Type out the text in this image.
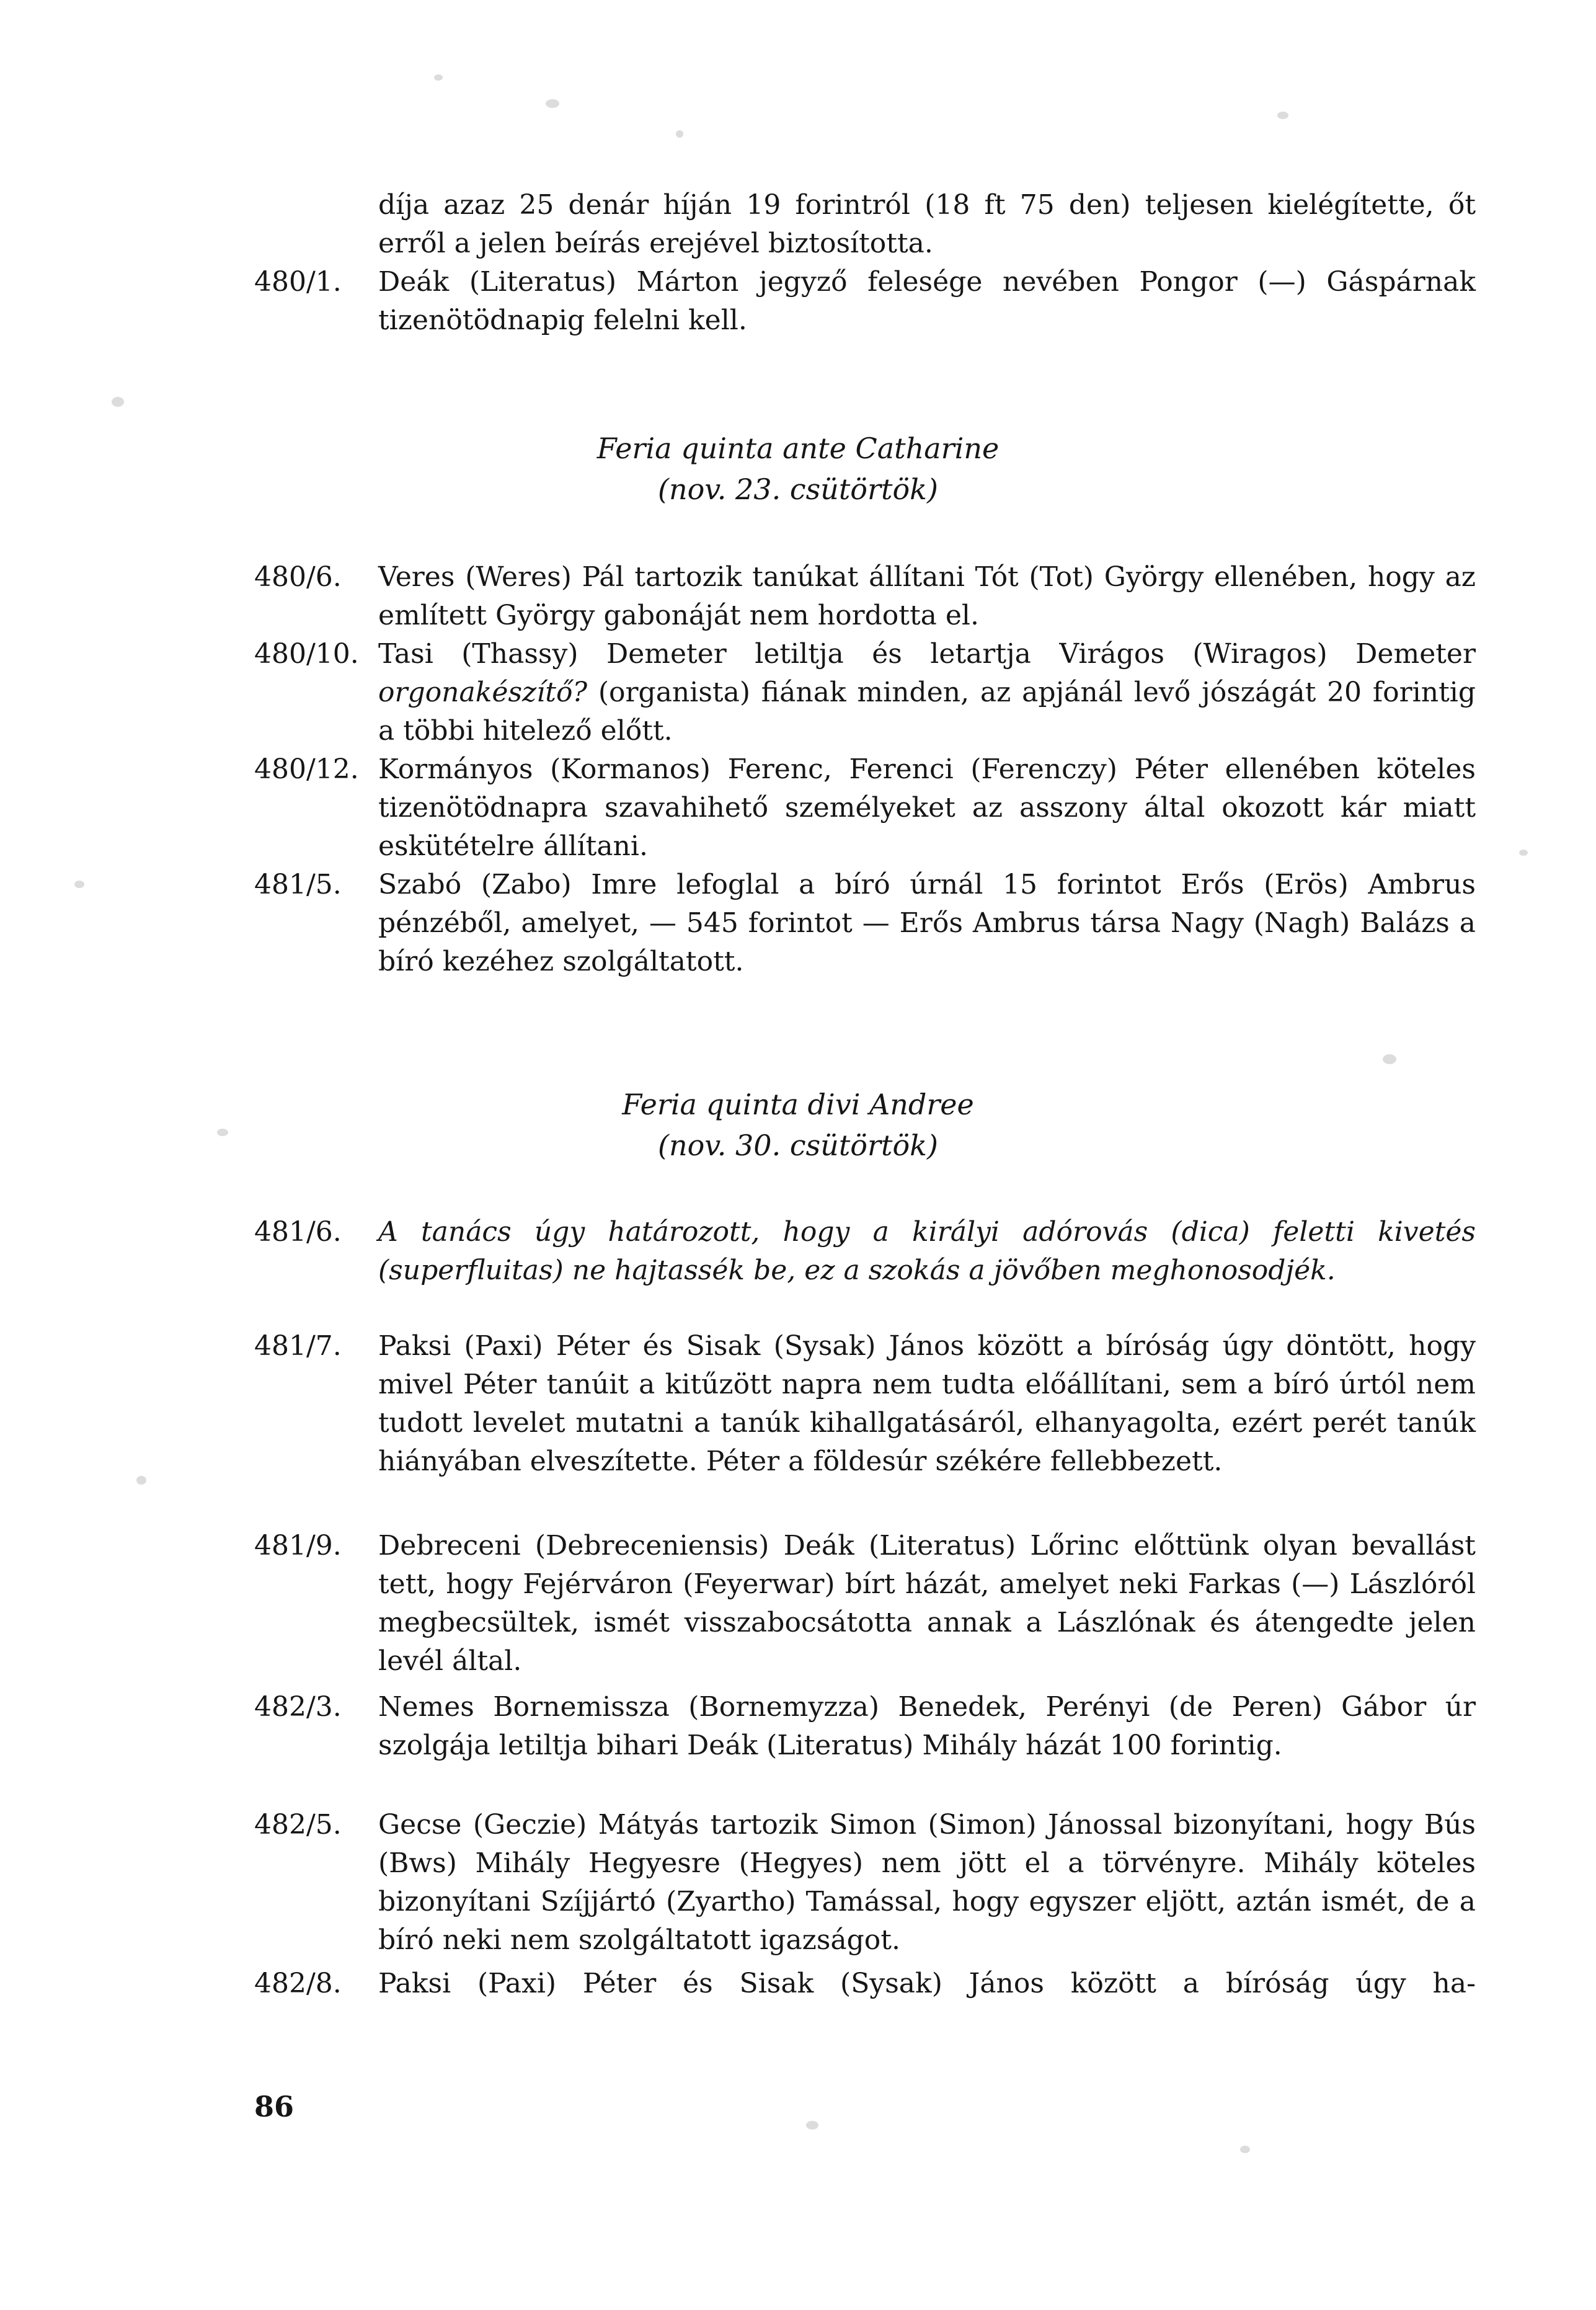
díja azaz 25 denár híján 19 forintról (18 ft 75 den) teljesen kielégítette, őt erről a jelen beírás erejével biztosította.
480/1. Deák (Literatus) Márton jegyző felesége nevében Pongor (—) Gáspárnak tizenötödnapig felelni kell.
Feria quinta ante Catharine
(nov. 23. csütörtök)
480/6. Veres (Weres) Pál tartozik tanúkat állítani Tót (Tot) György ellenében, hogy az említett György gabonáját nem hordotta el.
480/10. Tasi (Thassy) Demeter letiltja és letartja Virágos (Wiragos) Demeter orgonakészítő? (organista) fiának minden, az apjánál levő jószágát 20 forintig a többi hitelező előtt.
480/12. Kormányos (Kormanos) Ferenc, Ferenci (Ferenczy) Péter ellenében köteles tizenötödnapra szavahihető személyeket az asszony által okozott kár miatt eskütételre állítani.
481/5. Szabó (Zabo) Imre lefoglal a bíró úrnál 15 forintot Erős (Erös) Ambrus pénzéből, amelyet, — 545 forintot — Erős Ambrus társa Nagy (Nagh) Balázs a bíró kezéhez szolgáltatott.
Feria quinta divi Andree
(nov. 30. csütörtök)
481/6. A tanács úgy határozott, hogy a királyi adórovás (dica) feletti kivetés (superfluitas) ne hajtassék be, ez a szokás a jövőben meghonosodjék.
481/7. Paksi (Paxi) Péter és Sisak (Sysak) János között a bíróság úgy döntött, hogy mivel Péter tanúit a kitűzött napra nem tudta előállítani, sem a bíró úrtól nem tudott levelet mutatni a tanúk kihallgatásáról, elhanyagolta, ezért perét tanúk hiányában elveszítette. Péter a földesúr székére fellebbezett.
481/9. Debreceni (Debreceniensis) Deák (Literatus) Lőrinc előttünk olyan bevallást tett, hogy Fejérváron (Feyerwar) bírt házát, amelyet neki Farkas (—) Lászlóról megbecsültek, ismét visszabocsátotta annak a Lászlónak és átengedte jelen levél által.
482/3. Nemes Bornemissza (Bornemyzza) Benedek, Perényi (de Peren) Gábor úr szolgája letiltja bihari Deák (Literatus) Mihály házát 100 forintig.
482/5. Gecse (Geczie) Mátyás tartozik Simon (Simon) Jánossal bizonyítani, hogy Bús (Bws) Mihály Hegyesre (Hegyes) nem jött el a törvényre. Mihály köteles bizonyítani Szíjjártó (Zyartho) Tamással, hogy egyszer eljött, aztán ismét, de a bíró neki nem szolgáltatott igazságot.
482/8. Paksi (Paxi) Péter és Sisak (Sysak) János között a bíróság úgy ha-
86
